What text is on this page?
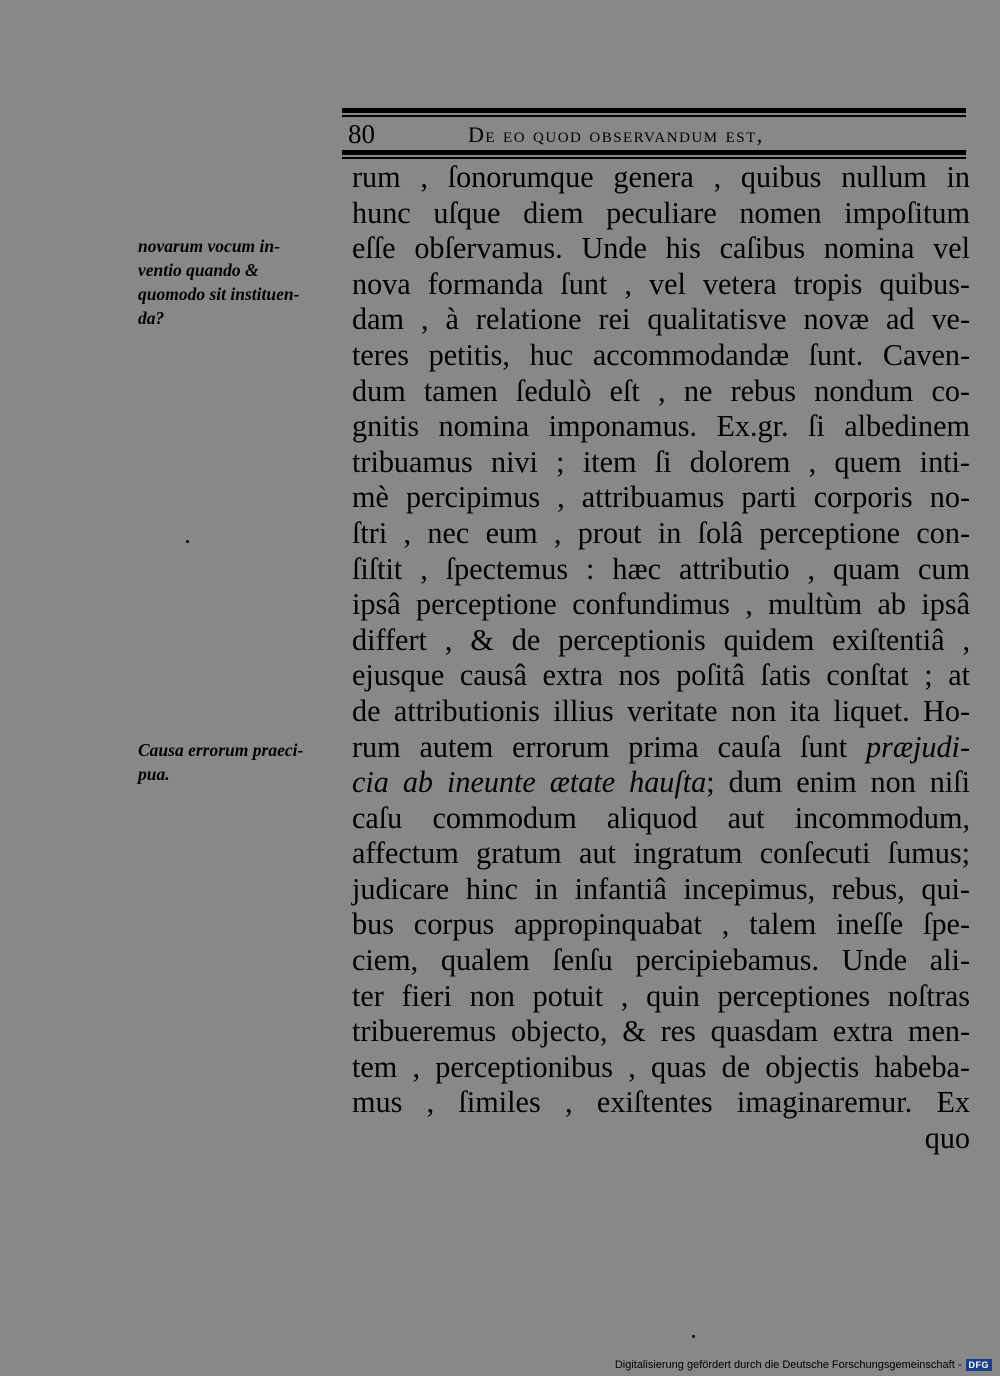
80	De eo quod observandum est,
novarum vocum in-
ventio quando &
quomodo sit instituen-
da?
Causa errorum praeci-
pua.
rum , ſonorumque genera , quibus nullum in
hunc uſque diem peculiare nomen impoſitum
eſſe obſervamus. Unde his caſibus nomina vel
nova formanda ſunt , vel vetera tropis quibus-
dam , à relatione rei qualitatisve novæ ad ve-
teres petitis, huc accommodandæ ſunt. Caven-
dum tamen ſedulò eſt , ne rebus nondum co-
gnitis nomina imponamus. Ex.gr. ſi albedinem
tribuamus nivi ; item ſi dolorem , quem inti-
mè percipimus , attribuamus parti corporis no-
ſtri , nec eum , prout in ſolâ perceptione con-
ſiſtit , ſpectemus : hæc attributio , quam cum
ipsâ perceptione confundimus , multùm ab ipsâ
differt , & de perceptionis quidem exiſtentiâ ,
ejusque causâ extra nos poſitâ ſatis conſtat ; at
de attributionis illius veritate non ita liquet. Ho-
rum autem errorum prima cauſa ſunt præjudi-
cia ab ineunte ætate hauſta; dum enim non niſi
caſu commodum aliquod aut incommodum,
affectum gratum aut ingratum conſecuti ſumus;
judicare hinc in infantiâ incepimus, rebus, qui-
bus corpus appropinquabat , talem ineſſe ſpe-
ciem, qualem ſenſu percipiebamus. Unde ali-
ter fieri non potuit , quin perceptiones noſtras
tribueremus objecto, & res quasdam extra men-
tem , perceptionibus , quas de objectis habeba-
mus , ſimiles , exiſtentes imaginaremur. Ex
quo
Digitalisierung gefördert durch die Deutsche Forschungsgemeinschaft - DFG
